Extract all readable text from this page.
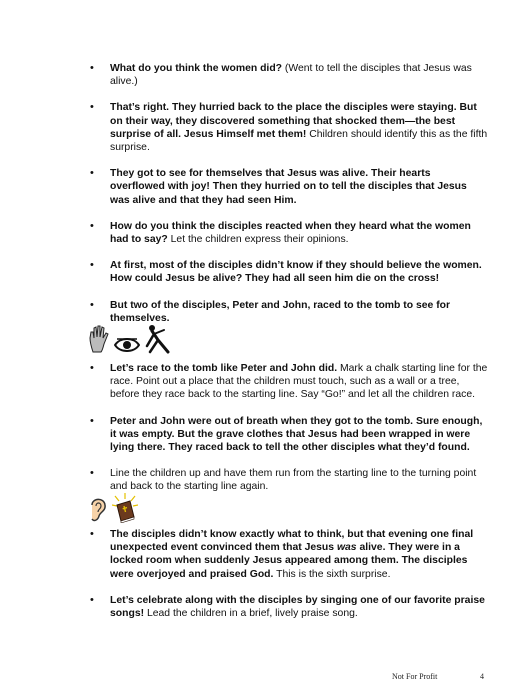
• What do you think the women did? (Went to tell the disciples that Jesus was alive.)
• That’s right. They hurried back to the place the disciples were staying. But on their way, they discovered something that shocked them—the best surprise of all. Jesus Himself met them! Children should identify this as the fifth surprise.
• They got to see for themselves that Jesus was alive. Their hearts overflowed with joy! Then they hurried on to tell the disciples that Jesus was alive and that they had seen Him.
• How do you think the disciples reacted when they heard what the women had to say? Let the children express their opinions.
• At first, most of the disciples didn’t know if they should believe the women. How could Jesus be alive? They had all seen him die on the cross!
• But two of the disciples, Peter and John, raced to the tomb to see for themselves.
• Let’s race to the tomb like Peter and John did. Mark a chalk starting line for the race. Point out a place that the children must touch, such as a wall or a tree, before they race back to the starting line. Say “Go!” and let all the children race.
• Peter and John were out of breath when they got to the tomb. Sure enough, it was empty. But the grave clothes that Jesus had been wrapped in were lying there. They raced back to tell the other disciples what they’d found.
• Line the children up and have them run from the starting line to the turning point and back to the starting line again.
• The disciples didn’t know exactly what to think, but that evening one final unexpected event convinced them that Jesus was alive. They were in a locked room when suddenly Jesus appeared among them. The disciples were overjoyed and praised God. This is the sixth surprise.
• Let’s celebrate along with the disciples by singing one of our favorite praise songs! Lead the children in a brief, lively praise song.
Not For Profit	4
